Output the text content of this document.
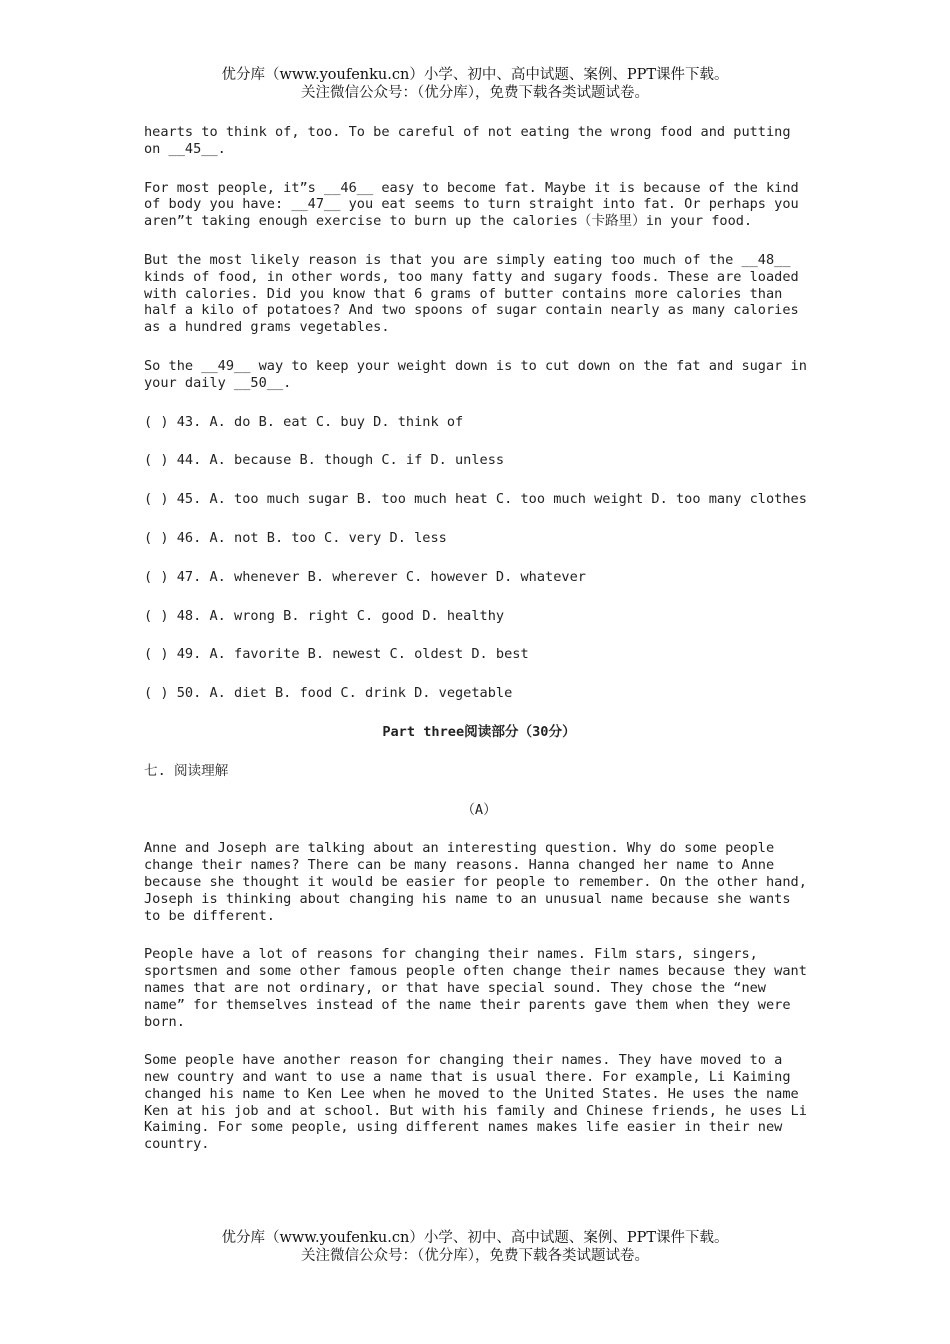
优分库（www.youfenku.cn）小学、初中、高中试题、案例、PPT课件下载。
关注微信公众号：（优分库），免费下载各类试题试卷。

hearts to think of, too. To be careful of not eating the wrong food and putting on __45__.

For most people, it”s __46__ easy to become fat. Maybe it is because of the kind of body you have: __47__ you eat seems to turn straight into fat. Or perhaps you aren”t taking enough exercise to burn up the calories（卡路里）in your food.

But the most likely reason is that you are simply eating too much of the __48__ kinds of food, in other words, too many fatty and sugary foods. These are loaded with calories. Did you know that 6 grams of butter contains more calories than half a kilo of potatoes? And two spoons of sugar contain nearly as many calories as a hundred grams vegetables.

So the __49__ way to keep your weight down is to cut down on the fat and sugar in your daily __50__.

( ) 43. A. do B. eat C. buy D. think of

( ) 44. A. because B. though C. if D. unless

( ) 45. A. too much sugar B. too much heat C. too much weight D. too many clothes

( ) 46. A. not B. too C. very D. less

( ) 47. A. whenever B. wherever C. however D. whatever

( ) 48. A. wrong B. right C. good D. healthy

( ) 49. A. favorite B. newest C. oldest D. best

( ) 50. A. diet B. food C. drink D. vegetable

Part three阅读部分（30分）

七. 阅读理解

（A）

Anne and Joseph are talking about an interesting question. Why do some people change their names? There can be many reasons. Hanna changed her name to Anne because she thought it would be easier for people to remember. On the other hand, Joseph is thinking about changing his name to an unusual name because she wants to be different.

People have a lot of reasons for changing their names. Film stars, singers, sportsmen and some other famous people often change their names because they want names that are not ordinary, or that have special sound. They chose the “new name” for themselves instead of the name their parents gave them when they were born.

Some people have another reason for changing their names. They have moved to a new country and want to use a name that is usual there. For example, Li Kaiming changed his name to Ken Lee when he moved to the United States. He uses the name Ken at his job and at school. But with his family and Chinese friends, he uses Li Kaiming. For some people, using different names makes life easier in their new country.

优分库（www.youfenku.cn）小学、初中、高中试题、案例、PPT课件下载。
关注微信公众号：（优分库），免费下载各类试题试卷。
